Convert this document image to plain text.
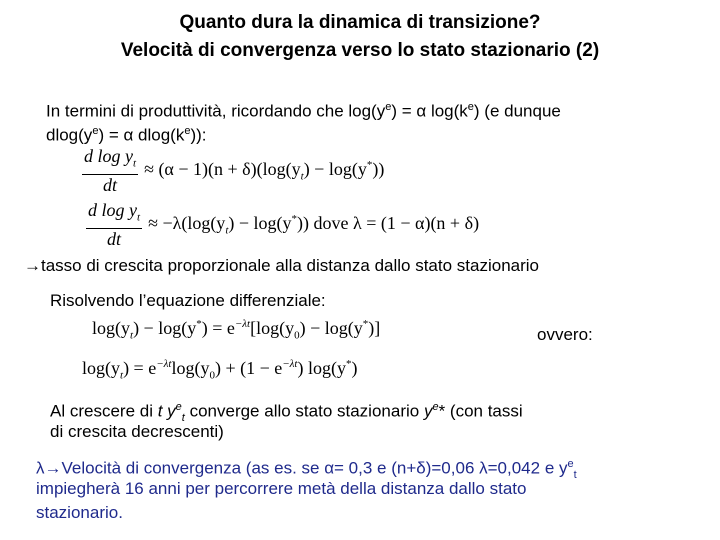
Quanto dura la dinamica di transizione?
Velocità di convergenza verso lo stato stazionario (2)
In termini di produttività, ricordando che $\log(y^e) = \alpha$ $\log(k^e)$ (e dunque
$dlog(y^e) = \alpha$ $dlog(k^e)$):
$\frac{d \log y_t}{dt} \approx (\alpha - 1)(n + \delta)(\log(y_t) - \log(y^*))$
$\frac{d \log y_t}{dt} \approx -\lambda(\log(y_t) - \log(y^*))$ dove λ = (1 − α)(n + δ)
→tasso di crescita proporzionale alla distanza dallo stato stazionario
Risolvendo l’equazione differenziale:
$\log(y_t) - \log(y^*) = e^{-\lambda t}[\log(y_0) - \log(y^*)]$	ovvero:
$\log(y_t) = e^{-\lambda t}\log(y_0) + (1 - e^{-\lambda t})$ log(y*)
Al crescere di t $y^e_t$ converge allo stato stazionario $y^e*$ (con tassi
di crescita decrescenti)
λ→Velocità di convergenza (as es. se α= 0,3 e (n+δ)=0,06 λ=0,042 e $y^e_t$
impiegherà 16 anni per percorrere metà della distanza dallo stato
stazionario.
